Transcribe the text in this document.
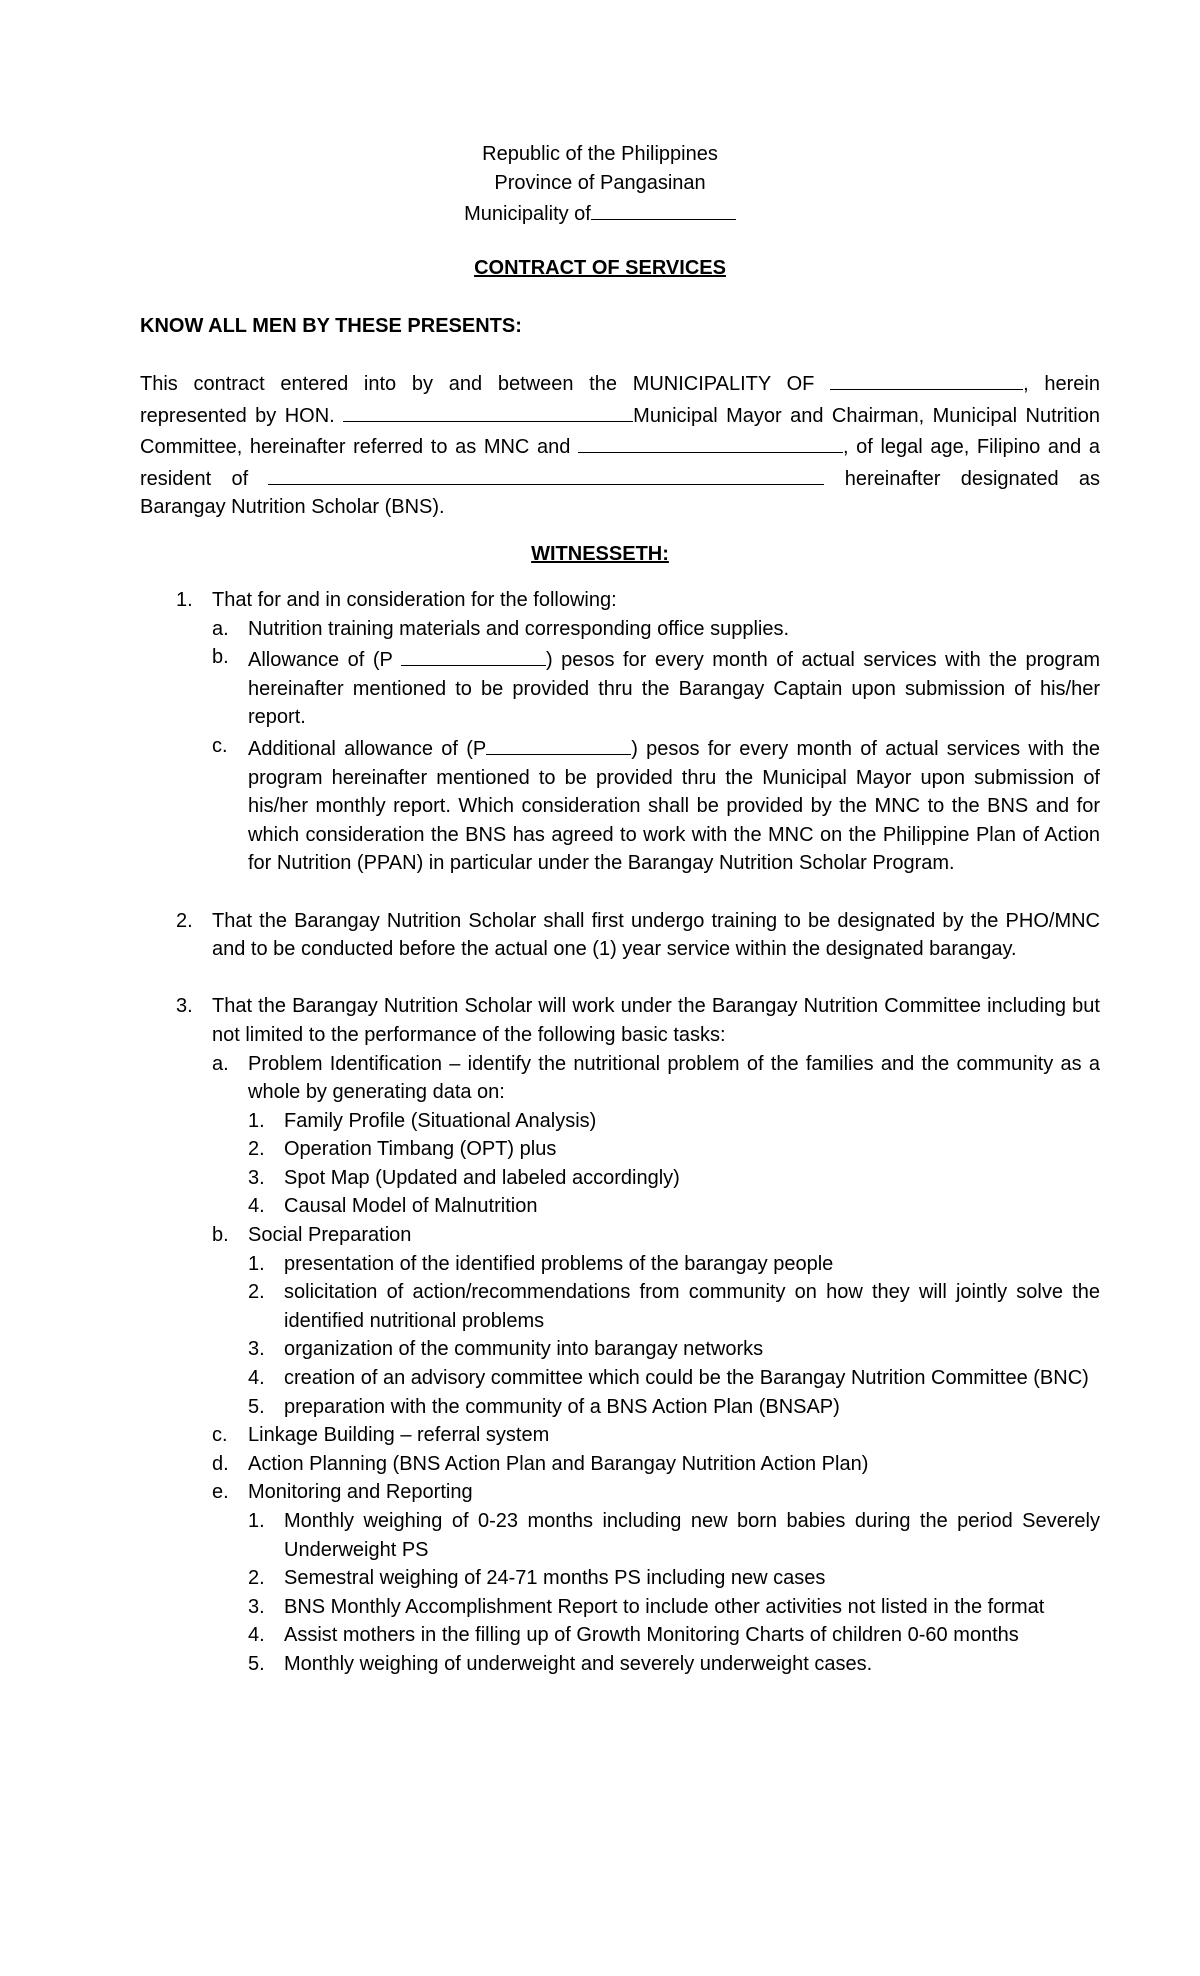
Republic of the Philippines
Province of Pangasinan
Municipality of
CONTRACT OF SERVICES
KNOW ALL MEN BY THESE PRESENTS:
This contract entered into by and between the MUNICIPALITY OF	, herein represented by HON.	Municipal Mayor and Chairman, Municipal Nutrition Committee, hereinafter referred to as MNC and	, of legal age, Filipino and a resident of	hereinafter designated as Barangay Nutrition Scholar (BNS).
WITNESSETH:
1. That for and in consideration for the following:
a. Nutrition training materials and corresponding office supplies.
b. Allowance of (P	) pesos for every month of actual services with the program hereinafter mentioned to be provided thru the Barangay Captain upon submission of his/her report.
c.	Additional allowance of (P	) pesos for every month of actual services with the program hereinafter mentioned to be provided thru the Municipal Mayor upon submission of his/her monthly report. Which consideration shall be provided by the MNC to the BNS and for which consideration the BNS has agreed to work with the MNC on the Philippine Plan of Action for Nutrition (PPAN) in particular under the Barangay Nutrition Scholar Program.
2. That the Barangay Nutrition Scholar shall first undergo training to be designated by the PHO/MNC and to be conducted before the actual one (1) year service within the designated barangay.
3. That the Barangay Nutrition Scholar will work under the Barangay Nutrition Committee including but not limited to the performance of the following basic tasks:
a. Problem Identification – identify the nutritional problem of the families and the community as a whole by generating data on:
1. Family Profile (Situational Analysis)
2. Operation Timbang (OPT) plus
3. Spot Map (Updated and labeled accordingly)
4. Causal Model of Malnutrition
b. Social Preparation
1. presentation of the identified problems of the barangay people
2. solicitation of action/recommendations from community on how they will jointly solve the identified nutritional problems
3. organization of the community into barangay networks
4. creation of an advisory committee which could be the Barangay Nutrition Committee (BNC)
5. preparation with the community of a BNS Action Plan (BNSAP)
c.	Linkage Building – referral system
d. Action Planning (BNS Action Plan and Barangay Nutrition Action Plan)
e. Monitoring and Reporting
1. Monthly weighing of 0-23 months including new born babies during the period Severely Underweight PS
2. Semestral weighing of 24-71 months PS including new cases
3. BNS Monthly Accomplishment Report to include other activities not listed in the format
4. Assist mothers in the filling up of Growth Monitoring Charts of children 0-60 months
5. Monthly weighing of underweight and severely underweight cases.
